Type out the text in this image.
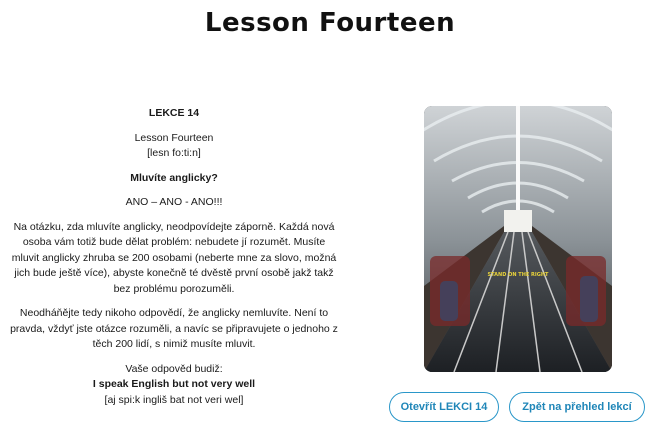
Lesson Fourteen

LEKCE 14

Lesson Fourteen

[lesn fo:ti:n]

Mluvíte anglicky?

ANO – ANO - ANO!!!

Na otázku, zda mluvíte anglicky, neodpovídejte záporně. Každá nová osoba vám totiž bude dělat problém: nebudete jí rozumět. Musíte mluvit anglicky zhruba se 200 osobami (neberte mne za slovo, možná jich bude ještě více), abyste konečně té dvěstě první osobě jakž takž bez problému porozuměli.

Neodháňějte tedy nikoho odpovědí, že anglicky nemluvíte. Není to pravda, vždyť jste otázce rozuměli, a navíc se připravujete o jednoho z těch 200 lidí, s nimiž musíte mluvit.

Vaše odpověd budiž:

I speak English but not very well

[aj spi:k ingliš bat not veri wel]

STAND ON THE RIGHT
Otevřít LEKCI 14	Zpět na přehled lekcí
